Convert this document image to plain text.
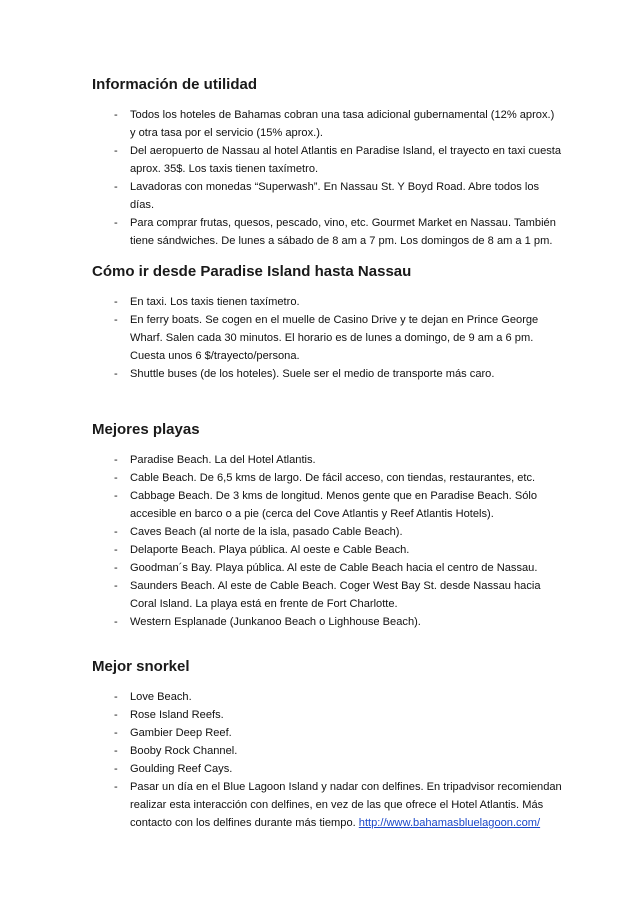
Información de utilidad
- Todos los hoteles de Bahamas cobran una tasa adicional gubernamental (12% aprox.) y otra tasa por el servicio (15% aprox.).
- Del aeropuerto de Nassau al hotel Atlantis en Paradise Island, el trayecto en taxi cuesta aprox. 35$. Los taxis tienen taxímetro.
- Lavadoras con monedas “Superwash”. En Nassau St. Y Boyd Road. Abre todos los días.
- Para comprar frutas, quesos, pescado, vino, etc. Gourmet Market en Nassau. También tiene sándwiches. De lunes a sábado de 8 am a 7 pm. Los domingos de 8 am a 1 pm.
Cómo ir desde Paradise Island hasta Nassau
- En taxi. Los taxis tienen taxímetro.
- En ferry boats. Se cogen en el muelle de Casino Drive y te dejan en Prince George Wharf. Salen cada 30 minutos. El horario es de lunes a domingo, de 9 am a 6 pm. Cuesta unos 6 $/trayecto/persona.
- Shuttle buses (de los hoteles). Suele ser el medio de transporte más caro.
Mejores playas
- Paradise Beach. La del Hotel Atlantis.
- Cable Beach. De 6,5 kms de largo. De fácil acceso, con tiendas, restaurantes, etc.
- Cabbage Beach. De 3 kms de longitud. Menos gente que en Paradise Beach. Sólo accesible en barco o a pie (cerca del Cove Atlantis y Reef Atlantis Hotels).
- Caves Beach (al norte de la isla, pasado Cable Beach).
- Delaporte Beach. Playa pública. Al oeste e Cable Beach.
- Goodman´s Bay. Playa pública. Al este de Cable Beach hacia el centro de Nassau.
- Saunders Beach. Al este de Cable Beach. Coger West Bay St. desde Nassau hacia Coral Island. La playa está en frente de Fort Charlotte.
- Western Esplanade (Junkanoo Beach o Lighhouse Beach).
Mejor snorkel
- Love Beach.
- Rose Island Reefs.
- Gambier Deep Reef.
- Booby Rock Channel.
- Goulding Reef Cays.
- Pasar un día en el Blue Lagoon Island y nadar con delfines. En tripadvisor recomiendan realizar esta interacción con delfines, en vez de las que ofrece el Hotel Atlantis. Más contacto con los delfines durante más tiempo. http://www.bahamasbluelagoon.com/
